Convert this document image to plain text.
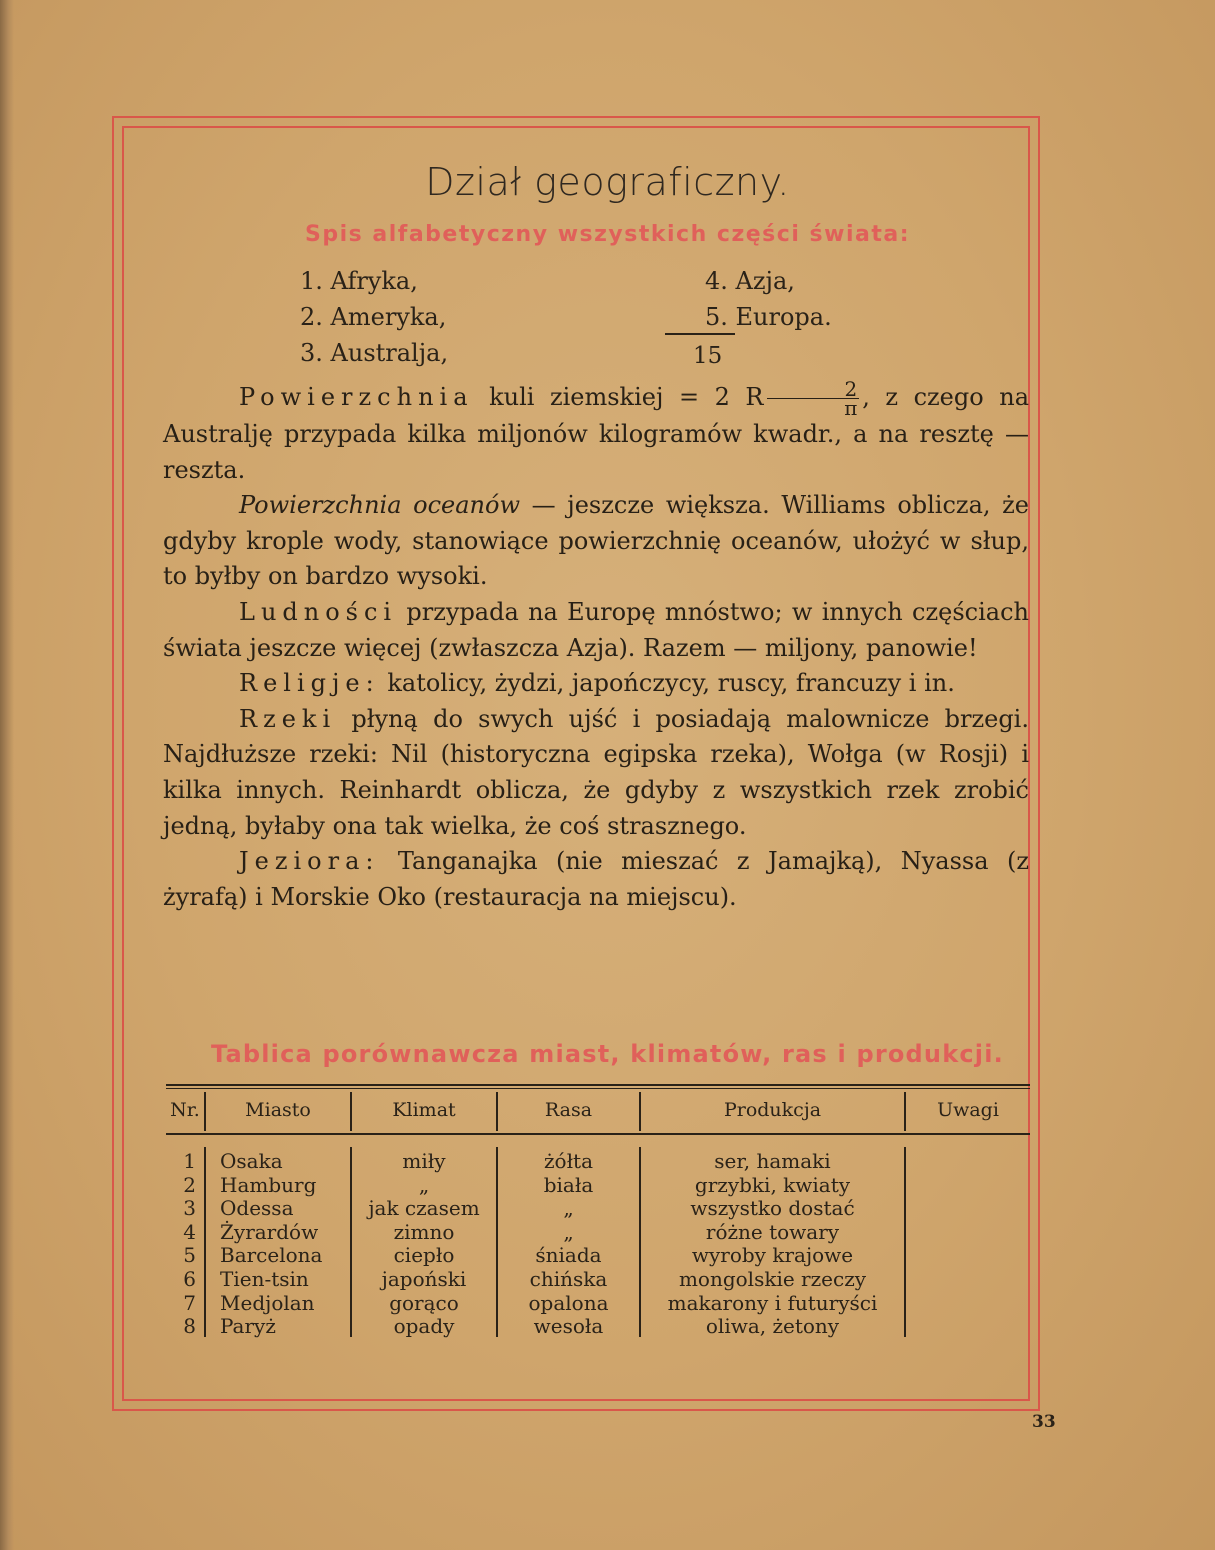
Dział geograficzny.
Spis alfabetyczny wszystkich części świata:
1. Afryka,
2. Ameryka,
3. Australja,
4. Azja,
5. Europa.
15

Powierzchnia kuli ziemskiej = 2 R $\frac{2}{\pi}$ , z czego na Australję przypada kilka miljonów kilogramów kwadr., a na resztę — reszta.

Powierzchnia oceanów — jeszcze większa. Williams oblicza, że gdyby krople wody, stanowiące powierzchnię oceanów, ułożyć w słup, to byłby on bardzo wysoki.

Ludności przypada na Europę mnóstwo; w innych częściach świata jeszcze więcej (zwłaszcza Azja). Razem — miljony, panowie!

Religje: katolicy, żydzi, japończycy, ruscy, francuzy i in.

Rzeki płyną do swych ujść i posiadają malownicze brzegi. Najdłuższe rzeki: Nil (historyczna egipska rzeka), Wołga (w Rosji) i kilka innych. Reinhardt oblicza, że gdyby z wszystkich rzek zrobić jedną, byłaby ona tak wielka, że coś strasznego.

Jeziora: Tanganajka (nie mieszać z Jamajką), Nyassa (z żyrafą) i Morskie Oko (restauracja na miejscu).

Tablica porównawcza miast, klimatów, ras i produkcji.
Nr.	Miasto	Klimat	Rasa	Produkcja	Uwagi
1 Osaka	miły	żółta	ser, hamaki
2 Hamburg	„	biała	grzybki, kwiaty
3 Odessa	jak czasem	„	wszystko dostać
4 Żyrardów	zimno	„	różne towary
5 Barcelona	ciepło	śniada	wyroby krajowe
6 Tien-tsin	japoński	chińska	mongolskie rzeczy
7 Medjolan	gorąco	opalona	makarony i futuryści
8 Paryż	opady	wesoła	oliwa, żetony
33
